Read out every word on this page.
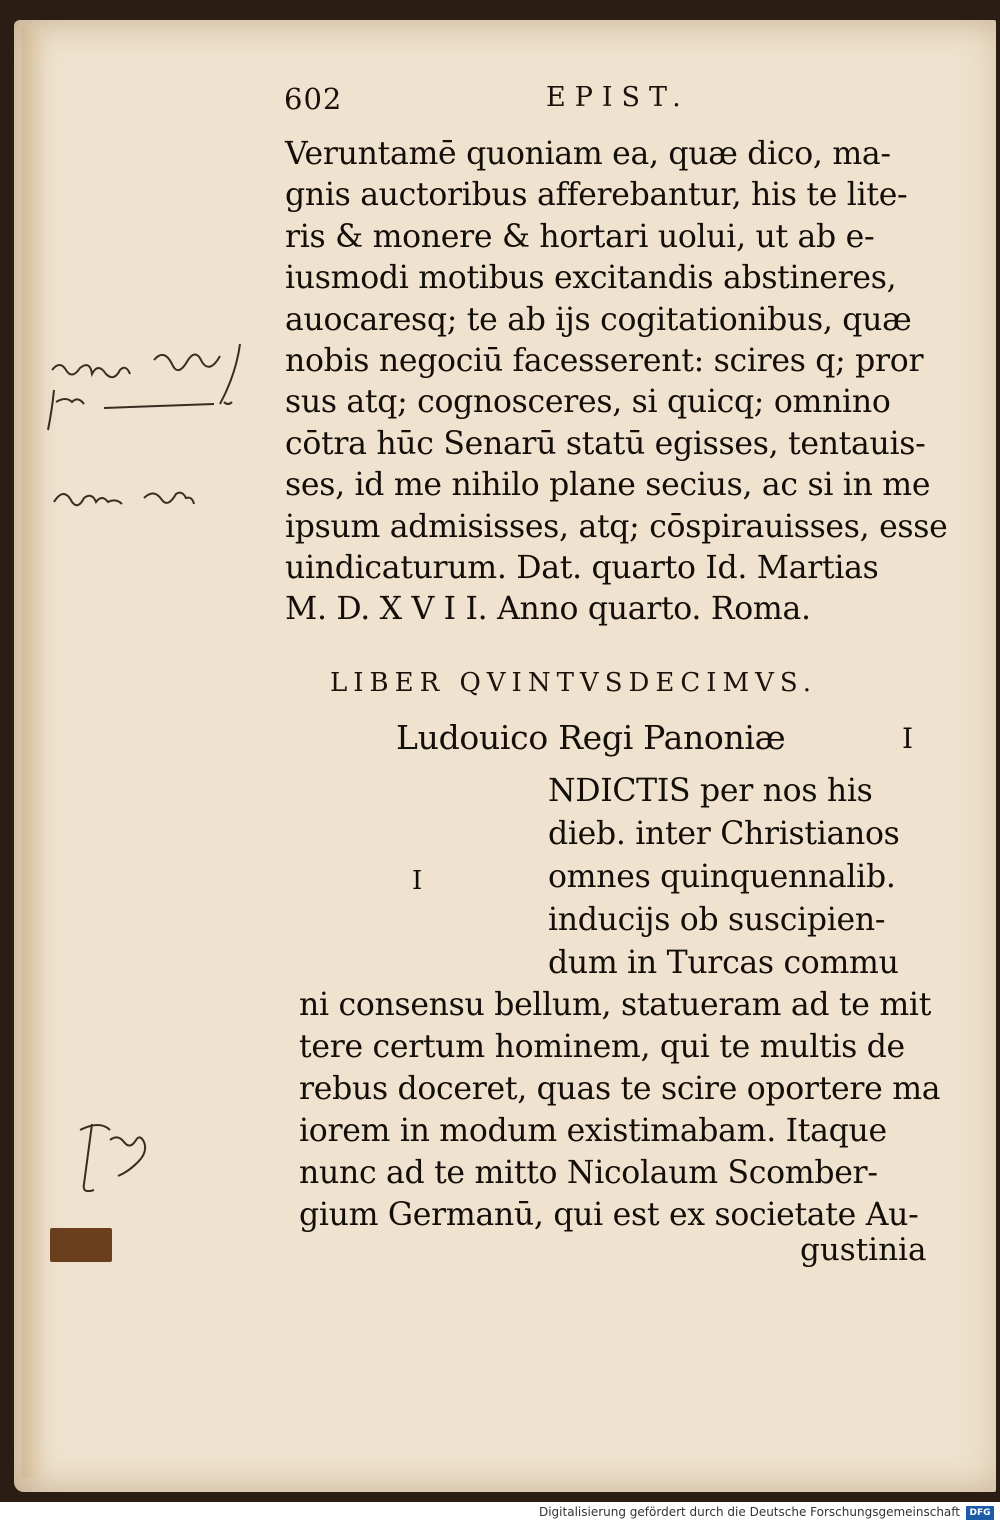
602	EPIST.
Veruntamē quoniam ea, quæ dico, ma-
gnis auctoribus afferebantur, his te lite-
ris & monere & hortari uolui, ut ab e-
iusmodi motibus excitandis abstineres,
auocaresq; te ab ijs cogitationibus, quæ
nobis negociū facesserent: scires q; pror
sus atq; cognosceres, si quicq; omnino
cōtra hūc Senarū statū egisses, tentauis-
ses, id me nihilo plane secius, ac si in me
ipsum admisisses, atq; cōspirauisses, esse
uindicaturum. Dat. quarto Id. Martias
M. D. X V I I. Anno quarto. Roma.
LIBER QVINTVSDECIMVS.
Ludouico Regi Panoniæ	I
I
NDICTIS per nos his
dieb. inter Christianos
omnes quinquennalib.
inducijs ob suscipien-
dum in Turcas commu
ni consensu bellum, statueram ad te mit
tere certum hominem, qui te multis de
rebus doceret, quas te scire oportere ma
iorem in modum existimabam. Itaque
nunc ad te mitto Nicolaum Scomber-
gium Germanū, qui est ex societate Au-
gustinia
Digitalisierung gefördert durch die Deutsche Forschungsgemeinschaft	DFG
